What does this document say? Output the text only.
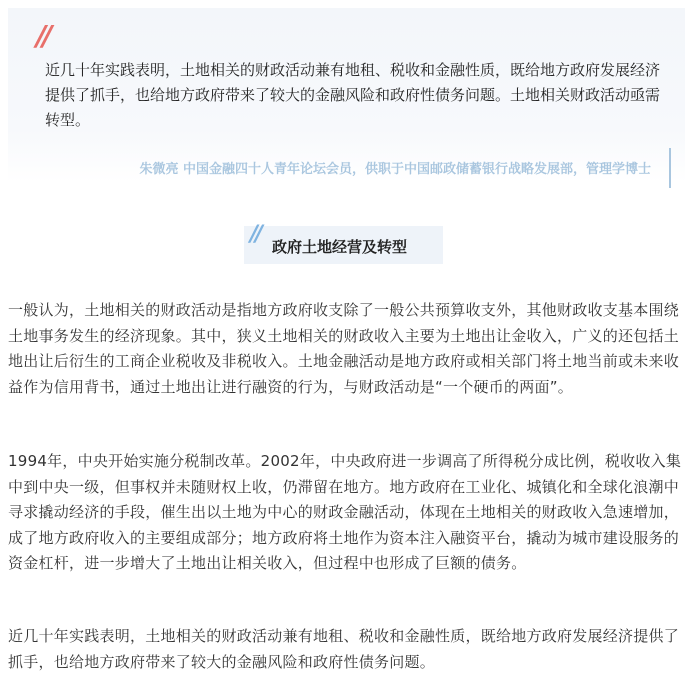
//

近几十年实践表明，土地相关的财政活动兼有地租、税收和金融性质，既给地方政府发展经济提供了抓手，也给地方政府带来了较大的金融风险和政府性债务问题。土地相关财政活动亟需转型。

朱微亮 中国金融四十人青年论坛会员，供职于中国邮政储蓄银行战略发展部，管理学博士
// 政府土地经营及转型

一般认为，土地相关的财政活动是指地方政府收支除了一般公共预算收支外，其他财政收支基本围绕土地事务发生的经济现象。其中，狭义土地相关的财政收入主要为土地出让金收入，广义的还包括土地出让后衍生的工商企业税收及非税收入。土地金融活动是地方政府或相关部门将土地当前或未来收益作为信用背书，通过土地出让进行融资的行为，与财政活动是“一个硬币的两面”。

1994年，中央开始实施分税制改革。2002年，中央政府进一步调高了所得税分成比例，税收收入集中到中央一级，但事权并未随财权上收，仍滞留在地方。地方政府在工业化、城镇化和全球化浪潮中寻求撬动经济的手段，催生出以土地为中心的财政金融活动，体现在土地相关的财政收入急速增加，成了地方政府收入的主要组成部分；地方政府将土地作为资本注入融资平台，撬动为城市建设服务的资金杠杆，进一步增大了土地出让相关收入，但过程中也形成了巨额的债务。

近几十年实践表明，土地相关的财政活动兼有地租、税收和金融性质，既给地方政府发展经济提供了抓手，也给地方政府带来了较大的金融风险和政府性债务问题。
